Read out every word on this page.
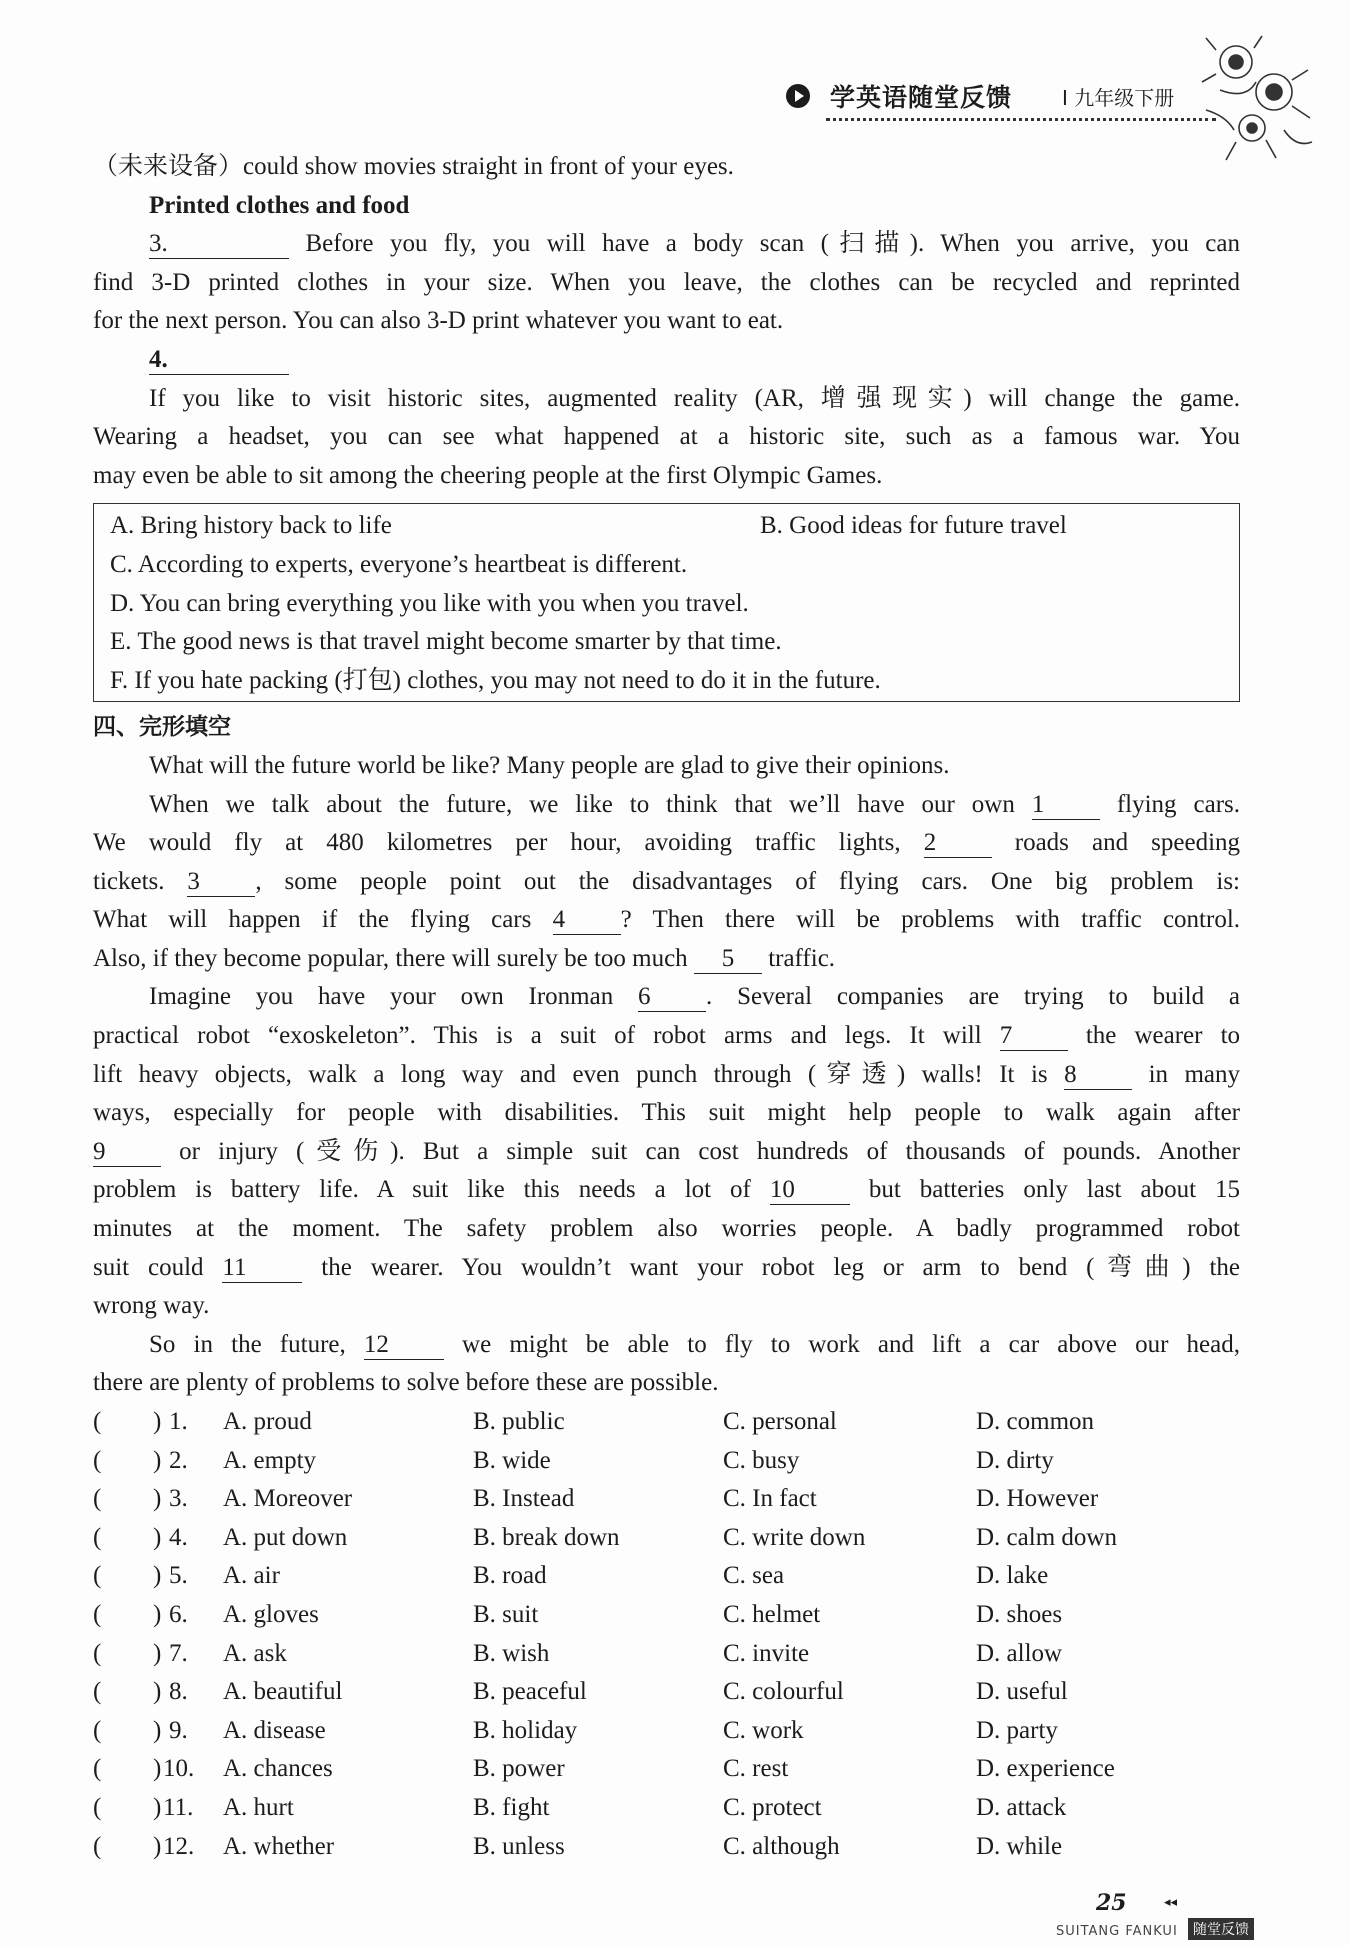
学英语随堂反馈 I 九年级下册
（未来设备）could show movies straight in front of your eyes.
Printed clothes and food
3.	Before you fly, you will have a body scan (扫描). When you arrive, you can
find 3-D printed clothes in your size. When you leave, the clothes can be recycled and reprinted
for the next person. You can also 3-D print whatever you want to eat.
4.
If you like to visit historic sites, augmented reality (AR, 增强现实) will change the game.
Wearing a headset, you can see what happened at a historic site, such as a famous war. You
may even be able to sit among the cheering people at the first Olympic Games.
A. Bring history back to life	B. Good ideas for future travel
C. According to experts, everyone’s heartbeat is different.
D. You can bring everything you like with you when you travel.
E. The good news is that travel might become smarter by that time.
F. If you hate packing (打包) clothes, you may not need to do it in the future.
四、完形填空
What will the future world be like? Many people are glad to give their opinions.
When we talk about the future, we like to think that we’ll have our own 1	flying cars.
We would fly at 480 kilometres per hour, avoiding traffic lights, 2	roads and speeding
tickets. 3 , some people point out the disadvantages of flying cars. One big problem is:
What will happen if the flying cars 4 ? Then there will be problems with traffic control.
Also, if they become popular, there will surely be too much 5 traffic.
Imagine you have your own Ironman 6 . Several companies are trying to build a
practical robot “exoskeleton”. This is a suit of robot arms and legs. It will 7	the wearer to
lift heavy objects, walk a long way and even punch through (穿透) walls! It is 8	in many
ways, especially for people with disabilities. This suit might help people to walk again after
9	or injury (受伤). But a simple suit can cost hundreds of thousands of pounds. Another
problem is battery life. A suit like this needs a lot of 10	but batteries only last about 15
minutes at the moment. The safety problem also worries people. A badly programmed robot
suit could 11	the wearer. You wouldn’t want your robot leg or arm to bend (弯曲) the
wrong way.
So in the future, 12	we might be able to fly to work and lift a car above our head,
there are plenty of problems to solve before these are possible.
( ) 1. A. proud	B. public	C. personal	D. common
( ) 2. A. empty	B. wide	C. busy	D. dirty
( ) 3. A. Moreover	B. Instead	C. In fact	D. However
( ) 4. A. put down	B. break down	C. write down	D. calm down
( ) 5. A. air	B. road	C. sea	D. lake
( ) 6. A. gloves	B. suit	C. helmet	D. shoes
( ) 7. A. ask	B. wish	C. invite	D. allow
( ) 8. A. beautiful	B. peaceful	C. colourful	D. useful
( ) 9. A. disease	B. holiday	C. work	D. party
( ) 10. A. chances	B. power	C. rest	D. experience
( ) 11. A. hurt	B. fight	C. protect	D. attack
( ) 12. A. whether	B. unless	C. although	D. while
25	◂◂
SUITANG FANKUI	随堂反馈
